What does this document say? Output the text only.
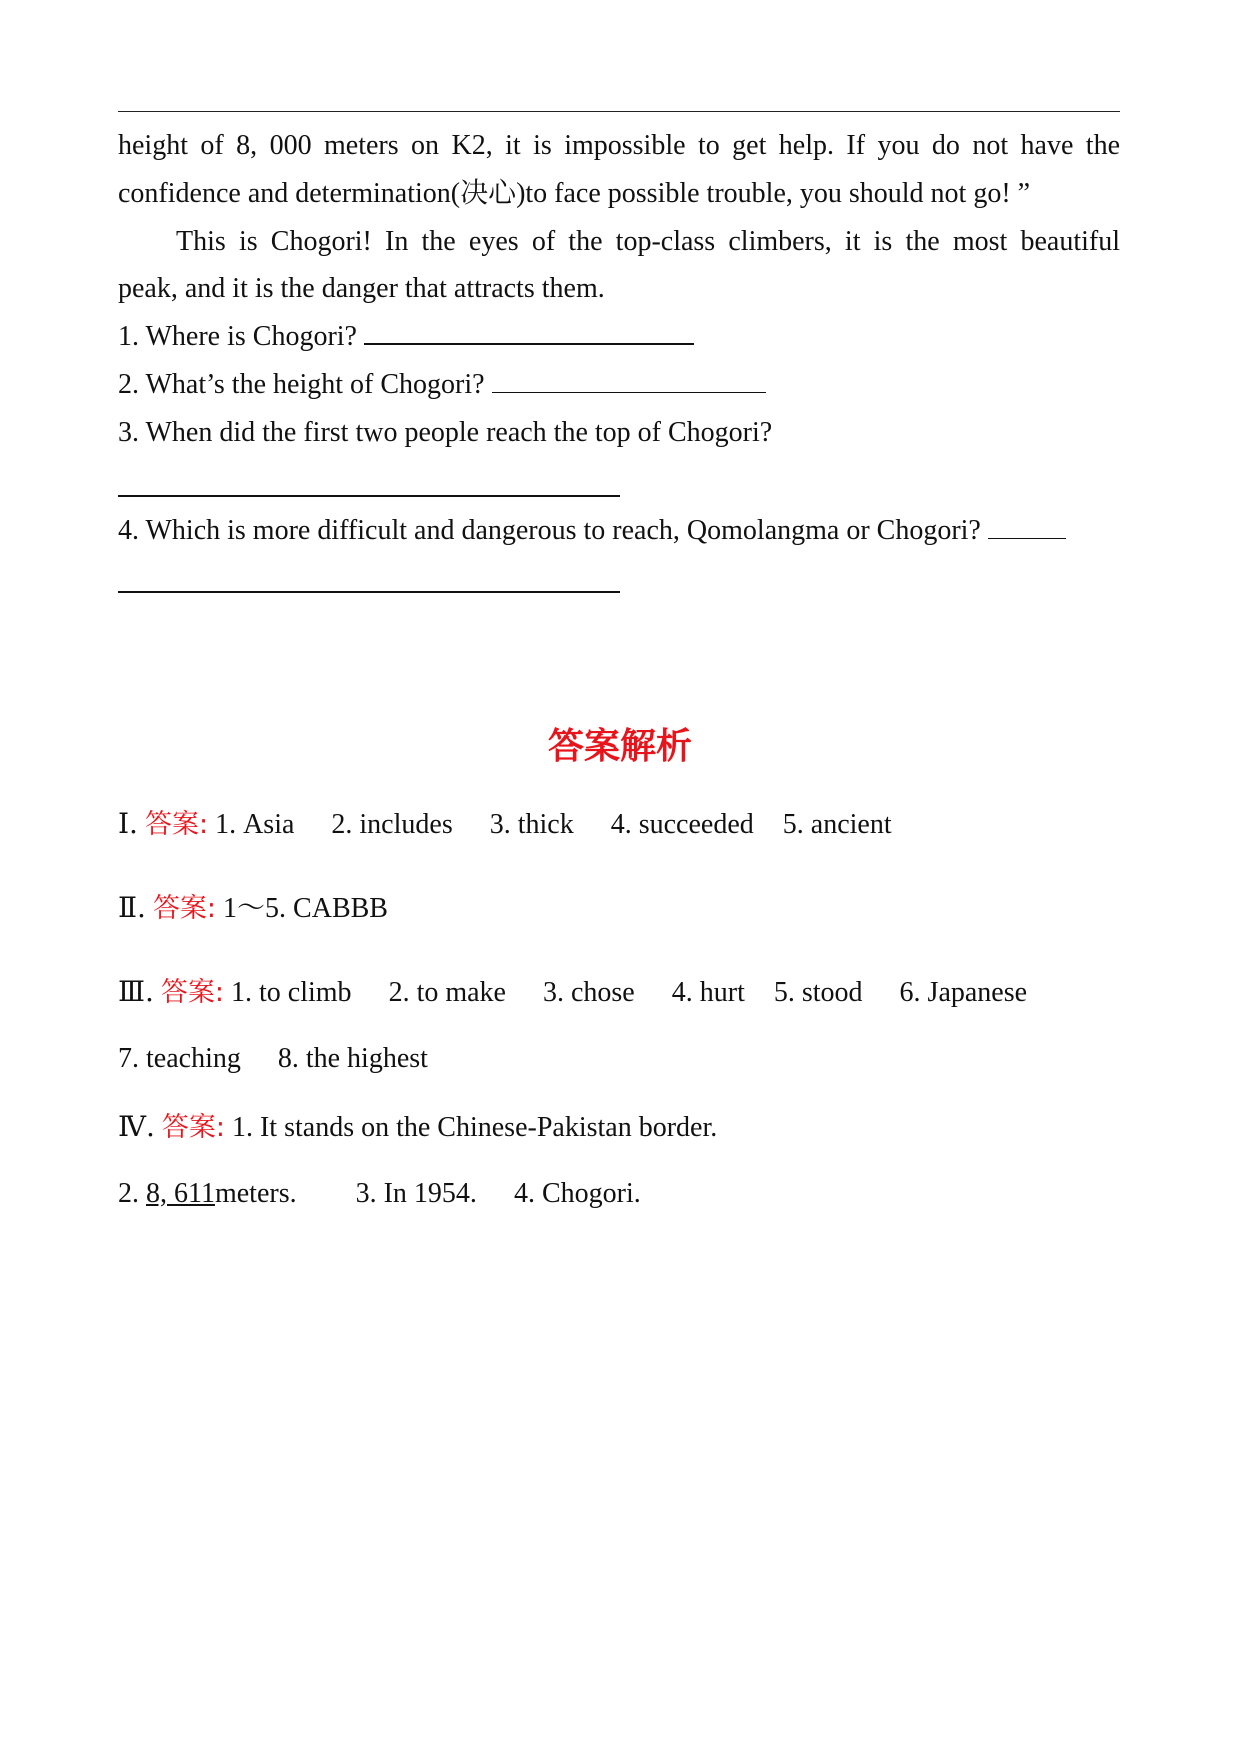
height of 8, 000 meters on K2, it is impossible to get help. If you do not have the
confidence and determination(决心)to face possible trouble, you should not go! ”
This is Chogori! In the eyes of the top-class climbers, it is the most beautiful
peak, and it is the danger that attracts them.
1. Where is Chogori?
2. What’s the height of Chogori?
3. When did the first two people reach the top of Chogori?
4. Which is more difficult and dangerous to reach, Qomolangma or Chogori?
答案解析
Ⅰ. 答案: 1. Asia 2. includes 3. thick 4. succeeded 5. ancient
Ⅱ. 答案: 1～5. CABBB
Ⅲ. 答案: 1. to climb 2. to make 3. chose 4. hurt 5. stood 6. Japanese
7. teaching 8. the highest
Ⅳ. 答案: 1. It stands on the Chinese-Pakistan border.
2. 8, 611meters. 3. In 1954. 4. Chogori.
